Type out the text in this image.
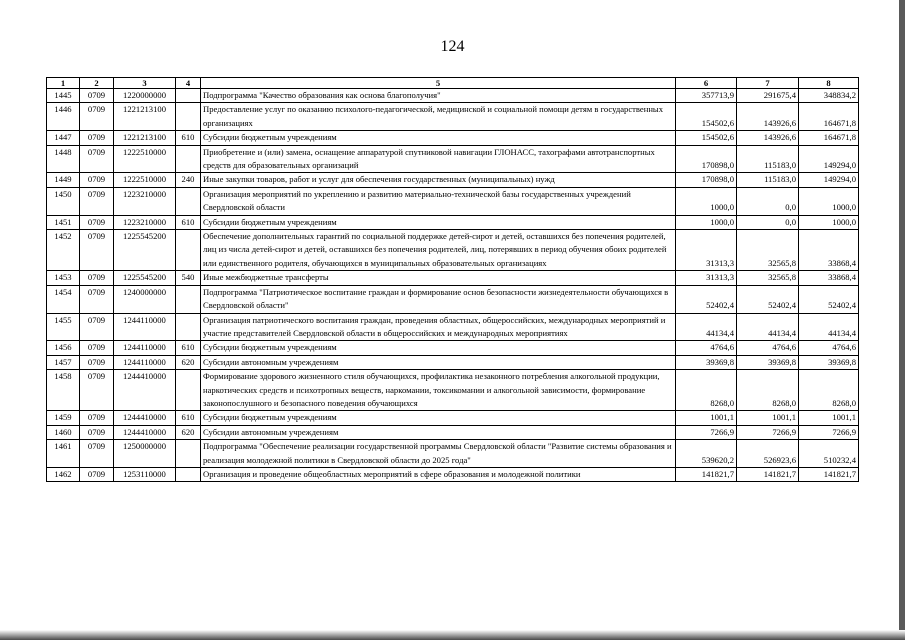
124
1	2	3	4	5	6	7	8
1445	0709	1220000000		Подпрограмма "Качество образования как основа благополучия"	357713,9	291675,4	348834,2
1446	0709	1221213100		Предоставление услуг по оказанию психолого-педагогической, медицинской и социальной помощи детям в государственных организациях	154502,6	143926,6	164671,8
1447	0709	1221213100	610	Субсидии бюджетным учреждениям	154502,6	143926,6	164671,8
1448	0709	1222510000		Приобретение и (или) замена, оснащение аппаратурой спутниковой навигации ГЛОНАСС, тахографами автотранспортных средств для образовательных организаций	170898,0	115183,0	149294,0
1449	0709	1222510000	240	Иные закупки товаров, работ и услуг для обеспечения государственных (муниципальных) нужд	170898,0	115183,0	149294,0
1450	0709	1223210000		Организация мероприятий по укреплению и развитию материально-технической базы государственных учреждений Свердловской области	1000,0	0,0	1000,0
1451	0709	1223210000	610	Субсидии бюджетным учреждениям	1000,0	0,0	1000,0
1452	0709	1225545200		Обеспечение дополнительных гарантий по социальной поддержке детей-сирот и детей, оставшихся без попечения родителей, лиц из числа детей-сирот и детей, оставшихся без попечения родителей, лиц, потерявших в период обучения обоих родителей или единственного родителя, обучающихся в муниципальных образовательных организациях	31313,3	32565,8	33868,4
1453	0709	1225545200	540	Иные межбюджетные трансферты	31313,3	32565,8	33868,4
1454	0709	1240000000		Подпрограмма "Патриотическое воспитание граждан и формирование основ безопасности жизнедеятельности обучающихся в Свердловской области"	52402,4	52402,4	52402,4
1455	0709	1244110000		Организация патриотического воспитания граждан, проведения областных, общероссийских, международных мероприятий и участие представителей Свердловской области в общероссийских и международных мероприятиях	44134,4	44134,4	44134,4
1456	0709	1244110000	610	Субсидии бюджетным учреждениям	4764,6	4764,6	4764,6
1457	0709	1244110000	620	Субсидии автономным учреждениям	39369,8	39369,8	39369,8
1458	0709	1244410000		Формирование здорового жизненного стиля обучающихся, профилактика незаконного потребления алкогольной продукции, наркотических средств и психотропных веществ, наркомании, токсикомании и алкогольной зависимости, формирование законопослушного и безопасного поведения обучающихся	8268,0	8268,0	8268,0
1459	0709	1244410000	610	Субсидии бюджетным учреждениям	1001,1	1001,1	1001,1
1460	0709	1244410000	620	Субсидии автономным учреждениям	7266,9	7266,9	7266,9
1461	0709	1250000000		Подпрограмма "Обеспечение реализации государственной программы Свердловской области "Развитие системы образования и реализация молодежной политики в Свердловской области до 2025 года"	539620,2	526923,6	510232,4
1462	0709	1253110000		Организация и проведение общеобластных мероприятий в сфере образования и молодежной политики	141821,7	141821,7	141821,7
